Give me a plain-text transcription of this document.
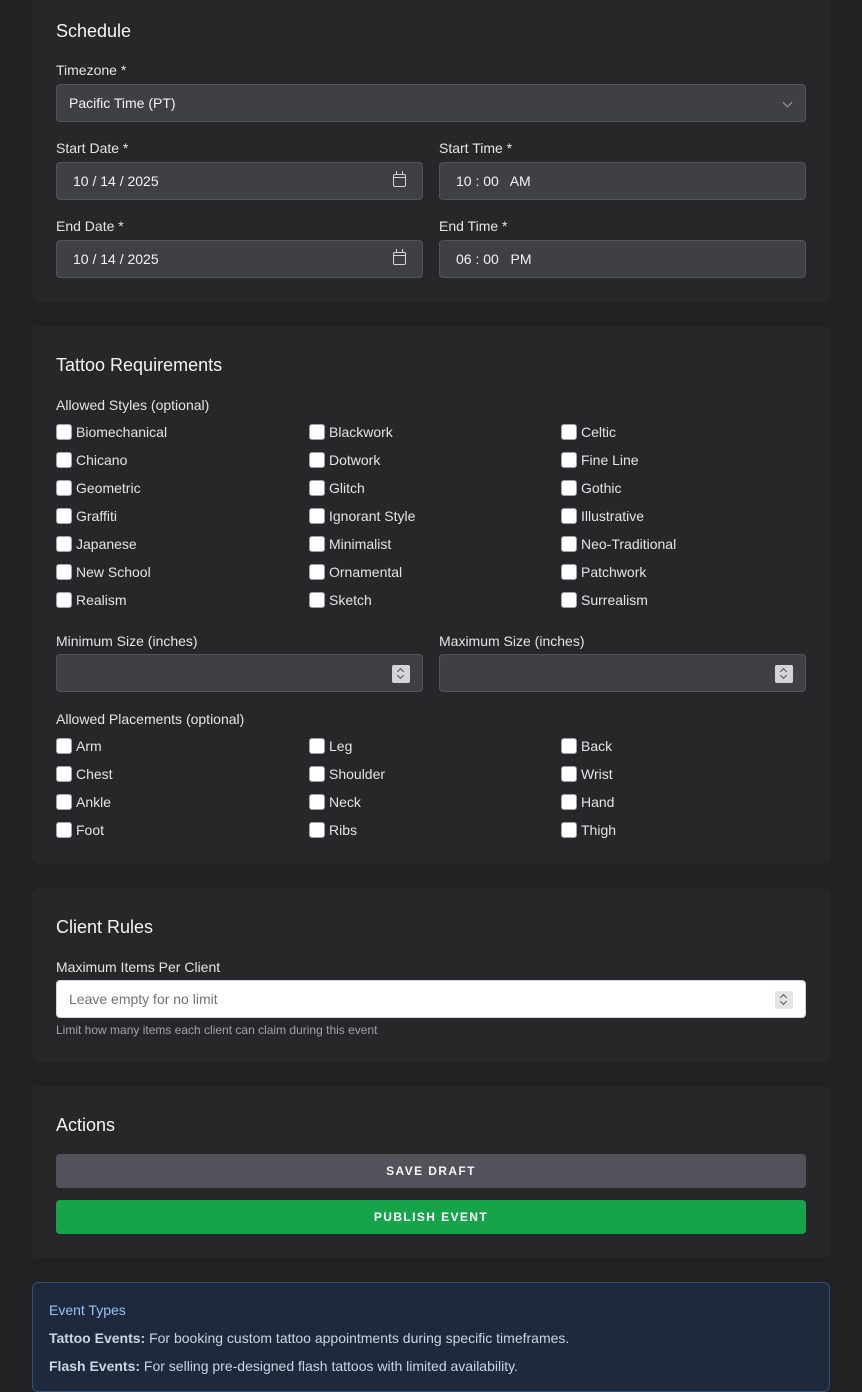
Schedule
Timezone *
Pacific Time (PT)
Start Date *
10 / 14 / 2025
Start Time *
10 : 00   AM
End Date *
10 / 14 / 2025
End Time *
06 : 00   PM
Tattoo Requirements
Allowed Styles (optional)
Biomechanical	Blackwork	Celtic
Chicano	Dotwork	Fine Line
Geometric	Glitch	Gothic
Graffiti	Ignorant Style	Illustrative
Japanese	Minimalist	Neo-Traditional
New School	Ornamental	Patchwork
Realism	Sketch	Surrealism
Minimum Size (inches)	Maximum Size (inches)
Allowed Placements (optional)
Arm	Leg	Back
Chest	Shoulder	Wrist
Ankle	Neck	Hand
Foot	Ribs	Thigh
Client Rules
Maximum Items Per Client
Leave empty for no limit

Limit how many items each client can claim during this event

Actions
SAVE DRAFT
PUBLISH EVENT
Event Types

Tattoo Events: For booking custom tattoo appointments during specific timeframes.

Flash Events: For selling pre-designed flash tattoos with limited availability.
